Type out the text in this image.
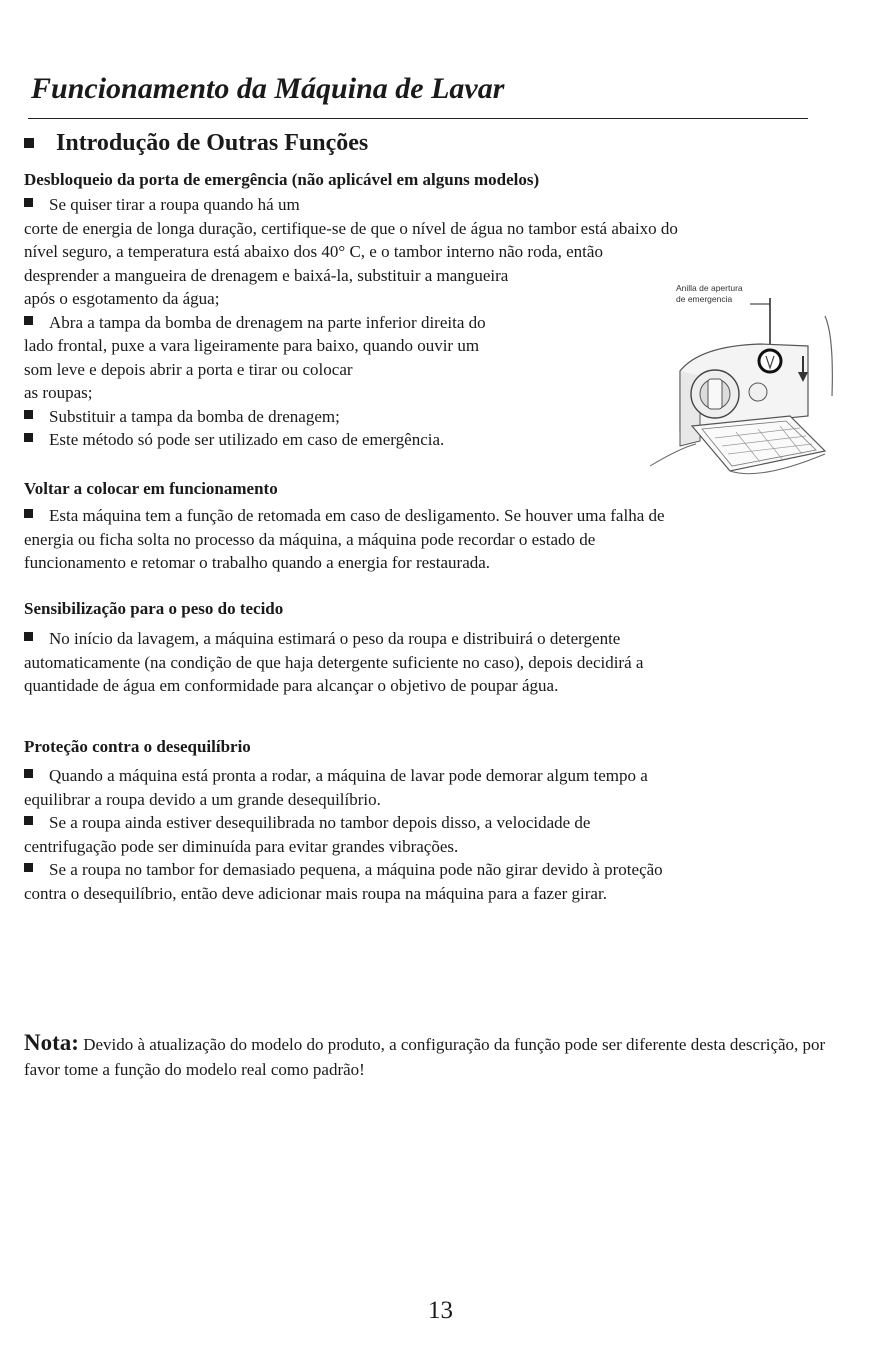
Funcionamento da Máquina de Lavar
Introdução de Outras Funções
Desbloqueio da porta de emergência (não aplicável em alguns modelos)
Se quiser tirar a roupa quando há um
corte de energia de longa duração, certifique-se de que o nível de água no tambor está abaixo do
nível seguro, a temperatura está abaixo dos 40° C, e o tambor interno não roda, então
desprender a mangueira de drenagem e baixá-la, substituir a mangueira
após o esgotamento da água;
Abra a tampa da bomba de drenagem na parte inferior direita do
lado frontal, puxe a vara ligeiramente para baixo, quando ouvir um
som leve e depois abrir a porta e tirar ou colocar
as roupas;
Substituir a tampa da bomba de drenagem;
Este método só pode ser utilizado em caso de emergência.
Anilla de apertura
de emergencia
Voltar a colocar em funcionamento
Esta máquina tem a função de retomada em caso de desligamento. Se houver uma falha de
energia ou ficha solta no processo da máquina, a máquina pode recordar o estado de
funcionamento e retomar o trabalho quando a energia for restaurada.
Sensibilização para o peso do tecido
No início da lavagem, a máquina estimará o peso da roupa e distribuirá o detergente
automaticamente (na condição de que haja detergente suficiente no caso), depois decidirá a
quantidade de água em conformidade para alcançar o objetivo de poupar água.
Proteção contra o desequilíbrio
Quando a máquina está pronta a rodar, a máquina de lavar pode demorar algum tempo a
equilibrar a roupa devido a um grande desequilíbrio.
Se a roupa ainda estiver desequilibrada no tambor depois disso, a velocidade de
centrifugação pode ser diminuída para evitar grandes vibrações.
Se a roupa no tambor for demasiado pequena, a máquina pode não girar devido à proteção
contra o desequilíbrio, então deve adicionar mais roupa na máquina para a fazer girar.

Nota: Devido à atualização do modelo do produto, a configuração da função pode ser diferente desta descrição, por favor tome a função do modelo real como padrão!

13
